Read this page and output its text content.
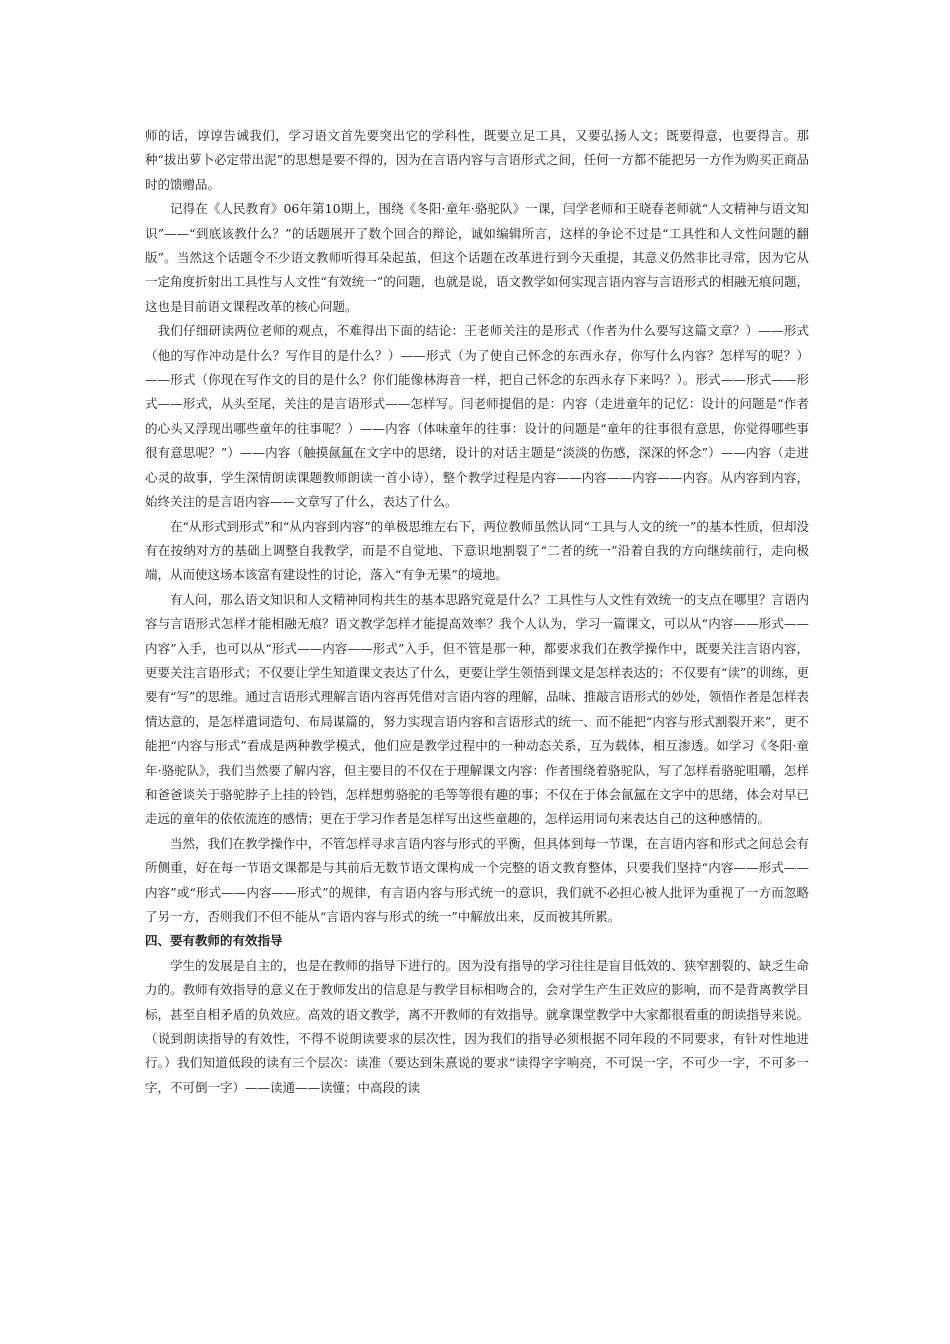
师的话，谆谆告诫我们，学习语文首先要突出它的学科性，既要立足工具，又要弘扬人文；既要得意，也要得言。那种“拔出萝卜必定带出泥”的思想是要不得的，因为在言语内容与言语形式之间，任何一方都不能把另一方作为购买正商品时的馈赠品。

记得在《人民教育》06年第10期上，围绕《冬阳·童年·骆驼队》一课，闫学老师和王晓春老师就“人文精神与语文知识”——“到底该教什么？”的话题展开了数个回合的辩论，诚如编辑所言，这样的争论不过是“工具性和人文性问题的翻版”。当然这个话题令不少语文教师听得耳朵起茧，但这个话题在改革进行到今天重提，其意义仍然非比寻常，因为它从一定角度折射出工具性与人文性“有效统一”的问题，也就是说，语文教学如何实现言语内容与言语形式的相融无痕问题，这也是目前语文课程改革的核心问题。

我们仔细研读两位老师的观点，不难得出下面的结论：王老师关注的是形式（作者为什么要写这篇文章？）——形式（他的写作冲动是什么？写作目的是什么？）——形式（为了使自己怀念的东西永存，你写什么内容？怎样写的呢？）——形式（你现在写作文的目的是什么？你们能像林海音一样，把自己怀念的东西永存下来吗？）。形式——形式——形式——形式，从头至尾，关注的是言语形式——怎样写。闫老师提倡的是：内容（走进童年的记忆：设计的问题是“作者的心头又浮现出哪些童年的往事呢？）——内容（体味童年的往事：设计的问题是“童年的往事很有意思，你觉得哪些事很有意思呢？”）——内容（触摸氤氲在文字中的思绪，设计的对话主题是“淡淡的伤感，深深的怀念”）——内容（走进心灵的故事，学生深情朗读课题教师朗读一首小诗），整个教学过程是内容——内容——内容——内容。从内容到内容，始终关注的是言语内容——文章写了什么，表达了什么。

在“从形式到形式”和“从内容到内容”的单极思维左右下，两位教师虽然认同“工具与人文的统一”的基本性质，但却没有在按纳对方的基础上调整自我教学，而是不自觉地、下意识地割裂了“二者的统一”沿着自我的方向继续前行，走向极端，从而使这场本该富有建设性的讨论，落入“有争无果”的境地。

有人问，那么语文知识和人文精神同构共生的基本思路究竟是什么？工具性与人文性有效统一的支点在哪里？言语内容与言语形式怎样才能相融无痕？语文教学怎样才能提高效率？我个人认为，学习一篇课文，可以从“内容——形式——内容”入手，也可以从“形式——内容——形式”入手，但不管是那一种，都要求我们在教学操作中，既要关注言语内容，更要关注言语形式；不仅要让学生知道课文表达了什么，更要让学生领悟到课文是怎样表达的；不仅要有“读”的训练，更要有“写”的思维。通过言语形式理解言语内容再凭借对言语内容的理解，品味、推敲言语形式的妙处，领悟作者是怎样表情达意的，是怎样遣词造句、布局谋篇的，努力实现言语内容和言语形式的统一、而不能把“内容与形式割裂开来”，更不能把“内容与形式”看成是两种教学模式，他们应是教学过程中的一种动态关系，互为载体，相互渗透。如学习《冬阳·童年·骆驼队》，我们当然要了解内容，但主要目的不仅在于理解课文内容：作者围绕着骆驼队，写了怎样看骆驼咀嚼，怎样和爸爸谈关于骆驼脖子上挂的铃铛，怎样想剪骆驼的毛等等很有趣的事；不仅在于体会氤氲在文字中的思绪，体会对早已走远的童年的依依流连的感情；更在于学习作者是怎样写出这些童趣的，怎样运用词句来表达自己的这种感情的。

当然，我们在教学操作中，不管怎样寻求言语内容与形式的平衡，但具体到每一节课，在言语内容和形式之间总会有所侧重，好在每一节语文课都是与其前后无数节语文课构成一个完整的语文教育整体，只要我们坚持“内容——形式——内容”或“形式——内容——形式”的规律，有言语内容与形式统一的意识，我们就不必担心被人批评为重视了一方而忽略了另一方，否则我们不但不能从“言语内容与形式的统一”中解放出来，反而被其所累。

四、要有教师的有效指导

学生的发展是自主的，也是在教师的指导下进行的。因为没有指导的学习往往是盲目低效的、狭窄割裂的、缺乏生命力的。教师有效指导的意义在于教师发出的信息是与教学目标相吻合的，会对学生产生正效应的影响，而不是背离教学目标，甚至自相矛盾的负效应。高效的语文教学，离不开教师的有效指导。就拿课堂教学中大家都很看重的朗读指导来说。（说到朗读指导的有效性，不得不说朗读要求的层次性，因为我们的指导必须根据不同年段的不同要求，有针对性地进行。）我们知道低段的读有三个层次：读准（要达到朱熹说的要求“读得字字响亮，不可误一字，不可少一字，不可多一字，不可倒一字）——读通——读懂；中高段的读
